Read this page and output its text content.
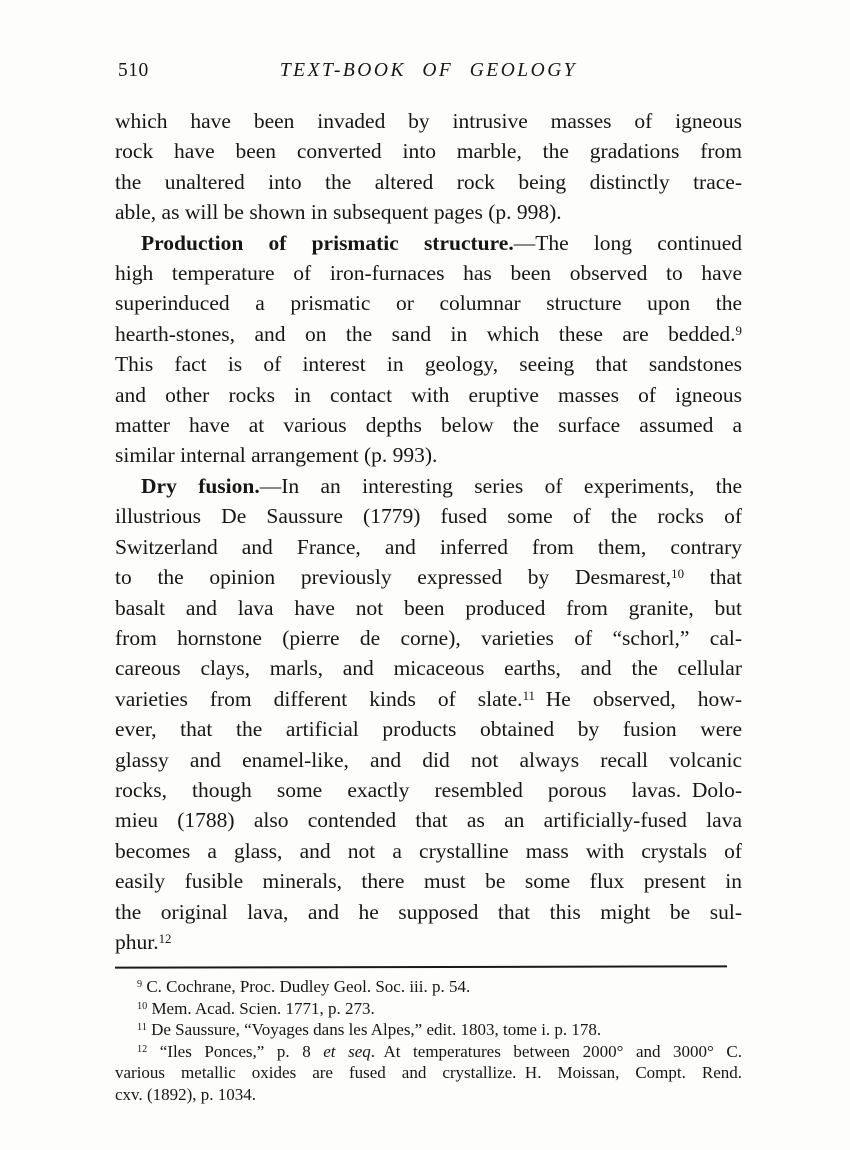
510	TEXT-BOOK OF GEOLOGY
which have been invaded by intrusive masses of igneous
rock have been converted into marble, the gradations from
the unaltered into the altered rock being distinctly trace-
able, as will be shown in subsequent pages (p. 998).
Production of prismatic structure.—The long continued
high temperature of iron-furnaces has been observed to have
superinduced a prismatic or columnar structure upon the
hearth-stones, and on the sand in which these are bedded.$^9$
This fact is of interest in geology, seeing that sandstones
and other rocks in contact with eruptive masses of igneous
matter have at various depths below the surface assumed a
similar internal arrangement (p. 993).
Dry fusion.—In an interesting series of experiments, the
illustrious De Saussure (1779) fused some of the rocks of
Switzerland and France, and inferred from them, contrary
to the opinion previously expressed by Desmarest,$^{10}$ that
basalt and lava have not been produced from granite, but
from hornstone (pierre de corne), varieties of “schorl,” cal-
careous clays, marls, and micaceous earths, and the cellular
varieties from different kinds of slate.$^{11}$ He observed, how-
ever, that the artificial products obtained by fusion were
glassy and enamel-like, and did not always recall volcanic
rocks, though some exactly resembled porous lavas. Dolo-
mieu (1788) also contended that as an artificially-fused lava
becomes a glass, and not a crystalline mass with crystals of
easily fusible minerals, there must be some flux present in
the original lava, and he supposed that this might be sul-
phur.$^{12}$
$^9$ C. Cochrane, Proc. Dudley Geol. Soc. iii. p. 54.
$^{10}$ Mem. Acad. Scien. 1771, p. 273.
$^{11}$ De Saussure, “Voyages dans les Alpes,” edit. 1803, tome i. p. 178.
$^{12}$ “Iles Ponces,” p. 8 et seq. At temperatures between 2000° and 3000° C.
various metallic oxides are fused and crystallize. H. Moissan, Compt. Rend.
cxv. (1892), p. 1034.
